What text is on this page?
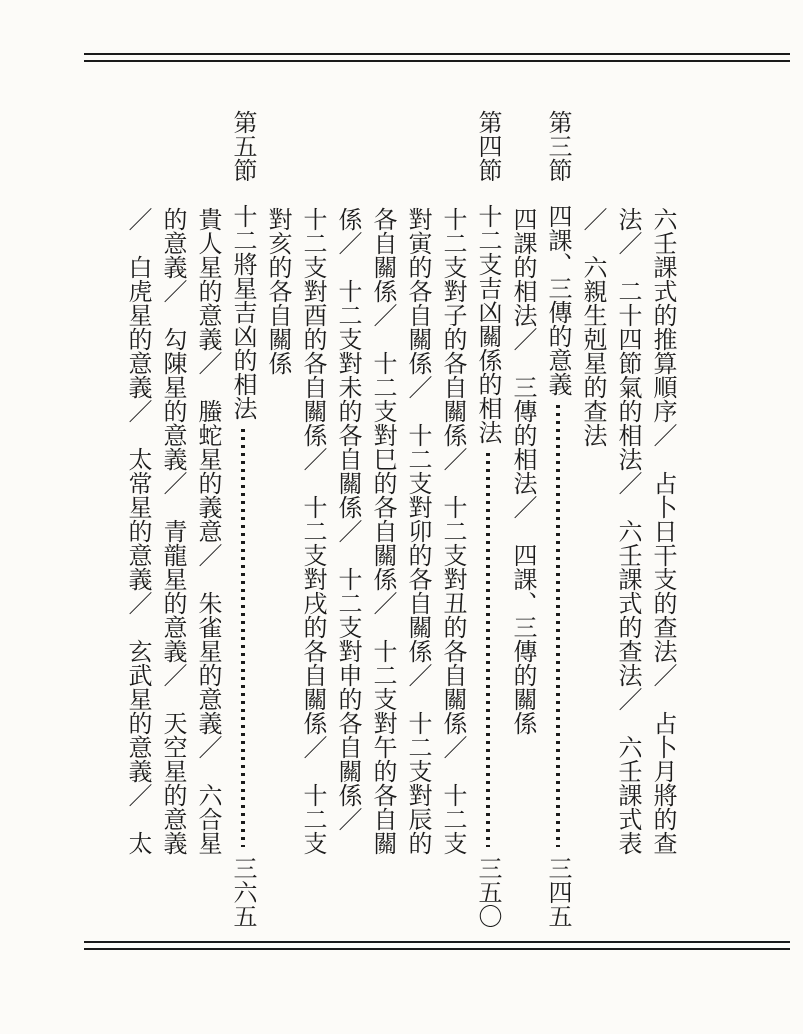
六壬課式的推算順序／　占卜日干支的查法／　占卜月將的查
法／　二十四節氣的相法／　六壬課式的查法／　六壬課式表
／　六親生剋星的查法
第三節
四課、三傳的意義
三四五
四課的相法／　三傳的相法／　四課、三傳的關係
第四節
十二支吉凶關係的相法
三五〇
十二支對子的各自關係／　十二支對丑的各自關係／　十二支
對寅的各自關係／　十二支對卯的各自關係／　十二支對辰的
各自關係／　十二支對巳的各自關係／　十二支對午的各自關
係／　十二支對未的各自關係／　十二支對申的各自關係／
十二支對酉的各自關係／　十二支對戌的各自關係／　十二支
對亥的各自關係
第五節
十二將星吉凶的相法
三六五
貴人星的意義／　螣蛇星的義意／　朱雀星的意義／　六合星
的意義／　勾陳星的意義／　青龍星的意義／　天空星的意義
／　白虎星的意義／　太常星的意義／　玄武星的意義／　太
